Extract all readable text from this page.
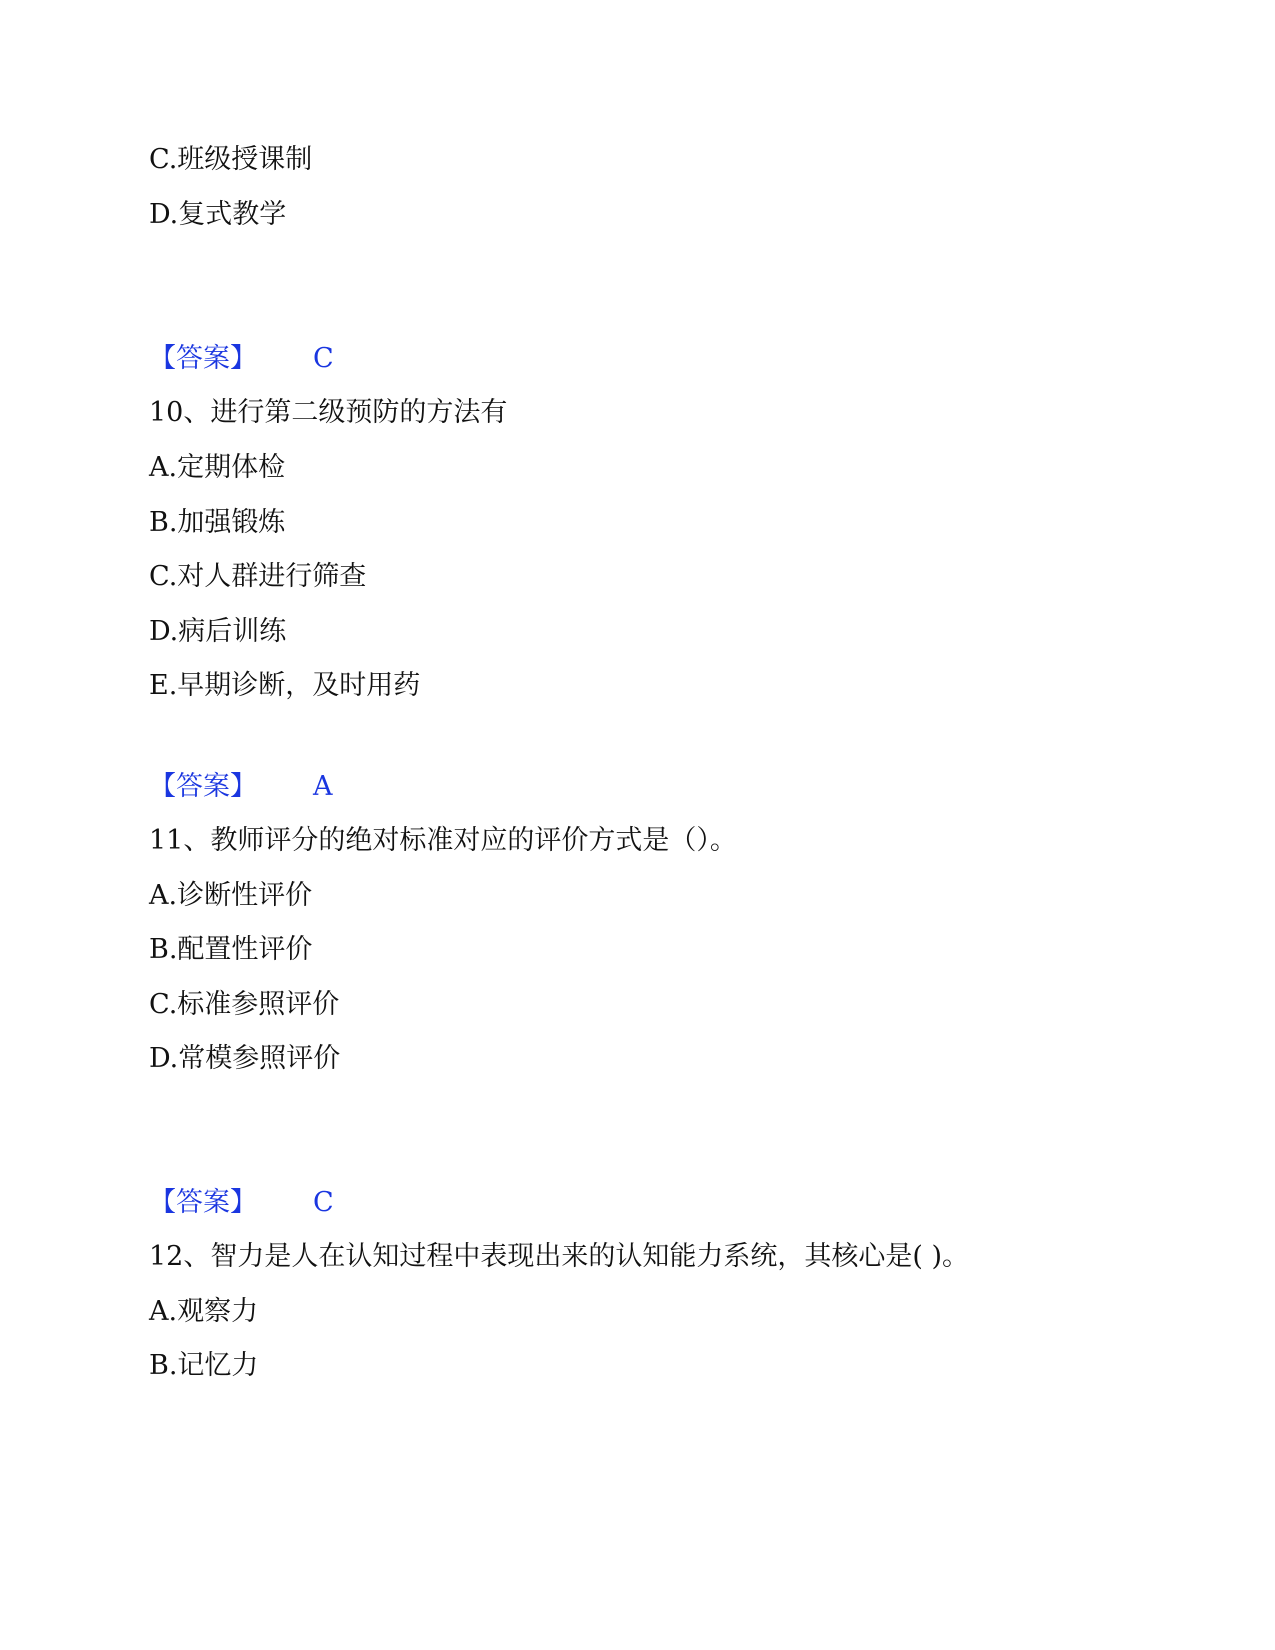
C.班级授课制
D.复式教学
【答案】 C
10、进行第二级预防的方法有
A.定期体检
B.加强锻炼
C.对人群进行筛查
D.病后训练
E.早期诊断，及时用药
【答案】 A
11、教师评分的绝对标准对应的评价方式是（）。
A.诊断性评价
B.配置性评价
C.标准参照评价
D.常模参照评价
【答案】 C
12、智力是人在认知过程中表现出来的认知能力系统，其核心是( )。
A.观察力
B.记忆力
